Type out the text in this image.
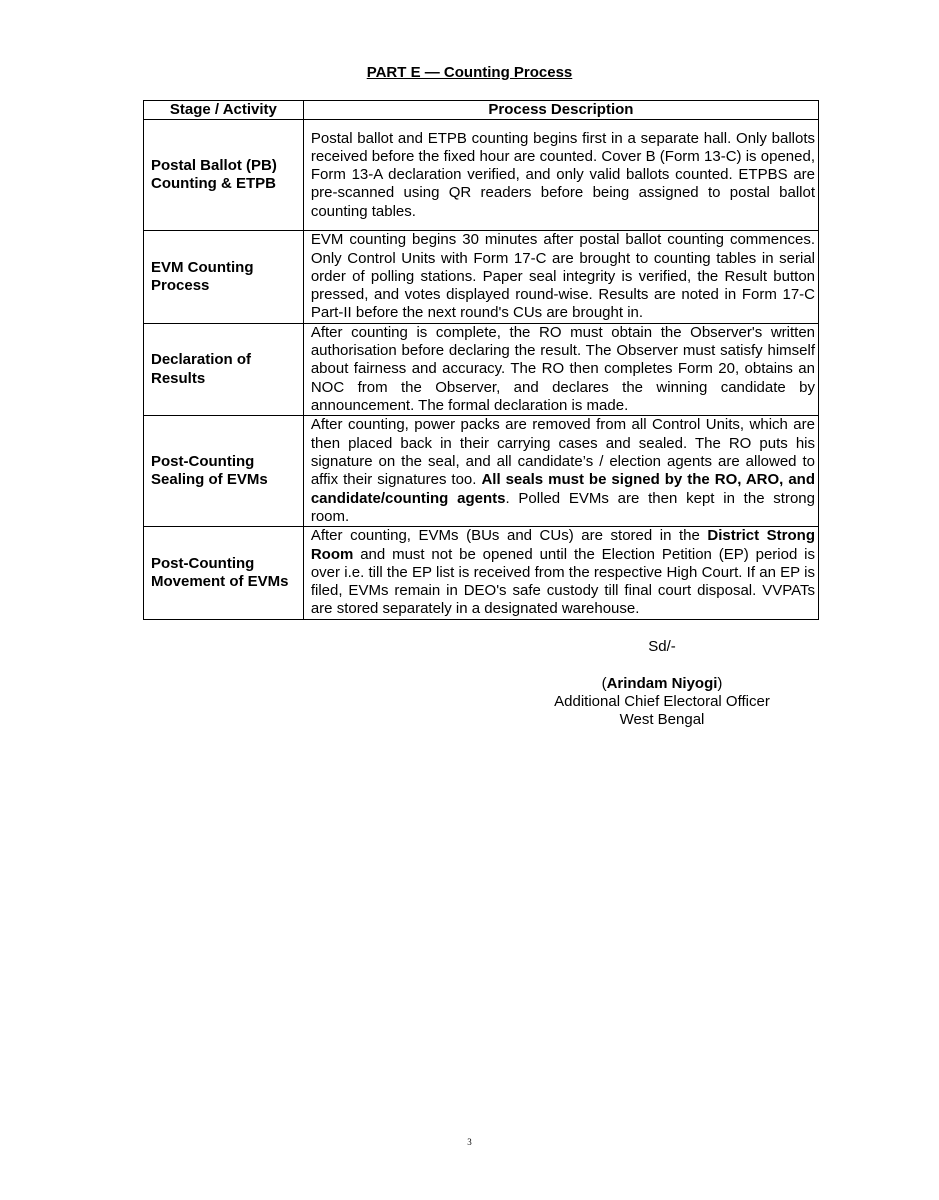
PART E — Counting Process
Stage / Activity	Process Description
Postal Ballot (PB) Counting & ETPB	Postal ballot and ETPB counting begins first in a separate hall. Only ballots received before the fixed hour are counted. Cover B (Form 13-C) is opened, Form 13-A declaration verified, and only valid ballots counted. ETPBS are pre-scanned using QR readers before being assigned to postal ballot counting tables.
EVM Counting Process	EVM counting begins 30 minutes after postal ballot counting commences. Only Control Units with Form 17-C are brought to counting tables in serial order of polling stations. Paper seal integrity is verified, the Result button pressed, and votes displayed round-wise. Results are noted in Form 17-C Part-II before the next round's CUs are brought in.
Declaration of Results	After counting is complete, the RO must obtain the Observer's written authorisation before declaring the result. The Observer must satisfy himself about fairness and accuracy. The RO then completes Form 20, obtains an NOC from the Observer, and declares the winning candidate by announcement. The formal declaration is made.
Post-Counting Sealing of EVMs	After counting, power packs are removed from all Control Units, which are then placed back in their carrying cases and sealed. The RO puts his signature on the seal, and all candidate’s / election agents are allowed to affix their signatures too. All seals must be signed by the RO, ARO, and candidate/counting agents. Polled EVMs are then kept in the strong room.
Post-Counting Movement of EVMs	After counting, EVMs (BUs and CUs) are stored in the District Strong Room and must not be opened until the Election Petition (EP) period is over i.e. till the EP list is received from the respective High Court. If an EP is filed, EVMs remain in DEO's safe custody till final court disposal. VVPATs are stored separately in a designated warehouse.
Sd/-
(Arindam Niyogi)
Additional Chief Electoral Officer
West Bengal
3
